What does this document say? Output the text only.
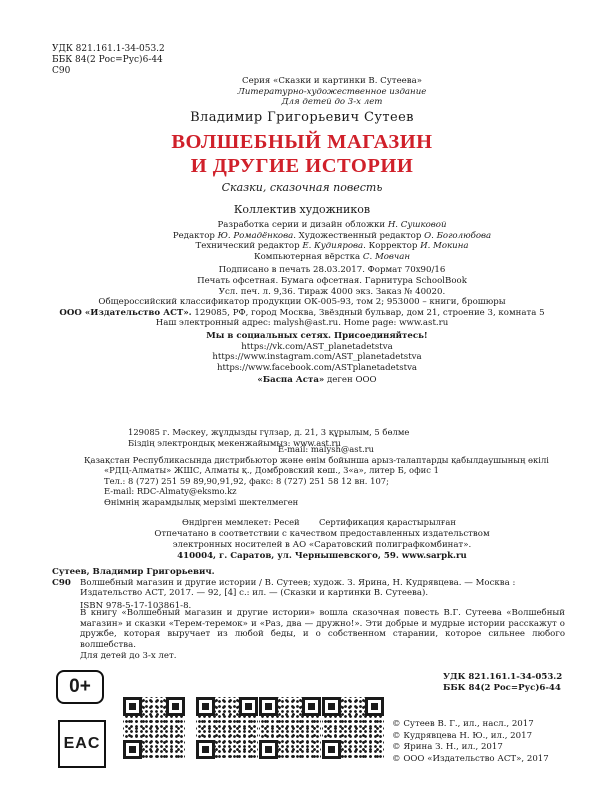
УДК 821.161.1-34-053.2
ББК 84(2 Рос=Рус)6-44
С90
Серия «Сказки и картинки В. Сутеева»
Литературно-художественное издание
Для детей до 3-х лет
Владимир Григорьевич Сутеев
ВОЛШЕБНЫЙ МАГАЗИН
И ДРУГИЕ ИСТОРИИ
Сказки, сказочная повесть
Коллектив художников
Разработка серии и дизайн обложки Н. Сушковой
Редактор Ю. Ромадёнкова. Художественный редактор О. Боголюбова
Технический редактор Е. Кудиярова. Корректор И. Мокина
Компьютерная вёрстка С. Мовчан
Подписано в печать 28.03.2017. Формат 70х90/16
Печать офсетная. Бумага офсетная. Гарнитура SchoolBook
Усл. печ. л. 9,36. Тираж 4000 экз. Заказ № 40020.
Общероссийский классификатор продукции ОК-005-93, том 2; 953000 – книги, брошюры
ООО «Издательство АСТ». 129085, РФ, город Москва, Звёздный бульвар, дом 21, строение 3, комната 5
Наш электронный адрес: malysh@ast.ru. Home page: www.ast.ru
Мы в социальных сетях. Присоединяйтесь!
https://vk.com/AST_planetadetstva
https://www.instagram.com/AST_planetadetstva
https://www.facebook.com/ASTplanetadetstva
«Баспа Аста» деген ООО
129085 г. Мәскеу, жұлдызды гүлзар, д. 21, 3 құрылым, 5 бөлме
Біздің электрондық мекенжайымыз: www.ast.ru
E-mail: malysh@ast.ru
Қазақстан Республикасында дистрибьютор және өнім бойынша арыз-талаптарды қабылдаушының өкілі
«РДЦ-Алматы» ЖШС, Алматы қ., Домбровский көш., 3«а», литер Б, офис 1
Тел.: 8 (727) 251 59 89,90,91,92, факс: 8 (727) 251 58 12 вн. 107;
E-mail: RDC-Almaty@eksmo.kz
Өнімнің жарамдылық мерзімі шектелмеген
Өндірген мемлекет: Ресей Сертификация қарастырылған
Отпечатано в соответствии с качеством предоставленных издательством
электронных носителей в АО «Саратовский полиграфкомбинат».
410004, г. Саратов, ул. Чернышевского, 59. www.sarpk.ru
Сутеев, Владимир Григорьевич.
С90	Волшебный магазин и другие истории / В. Сутеев; худож. З. Ярина, Н. Кудрявцева. — Москва :
Издательство АСТ, 2017. — 92, [4] с.: ил. — (Сказки и картинки В. Сутеева).
ISBN 978-5-17-103861-8.
В книгу «Волшебный магазин и другие истории» вошла сказочная повесть В.Г. Сутеева «Волшебный магазин» и сказки «Терем-теремок» и «Раз, два — дружно!». Эти добрые и мудрые истории расскажут о дружбе, которая выручает из любой беды, и о собственном старании, которое сильнее любого волшебства.
Для детей до 3-х лет.
УДК 821.161.1-34-053.2
ББК 84(2 Рос=Рус)6-44
0+
EAC
© Сутеев В. Г., ил., насл., 2017
© Кудрявцева Н. Ю., ил., 2017
© Ярина З. Н., ил., 2017
© ООО «Издательство АСТ», 2017
